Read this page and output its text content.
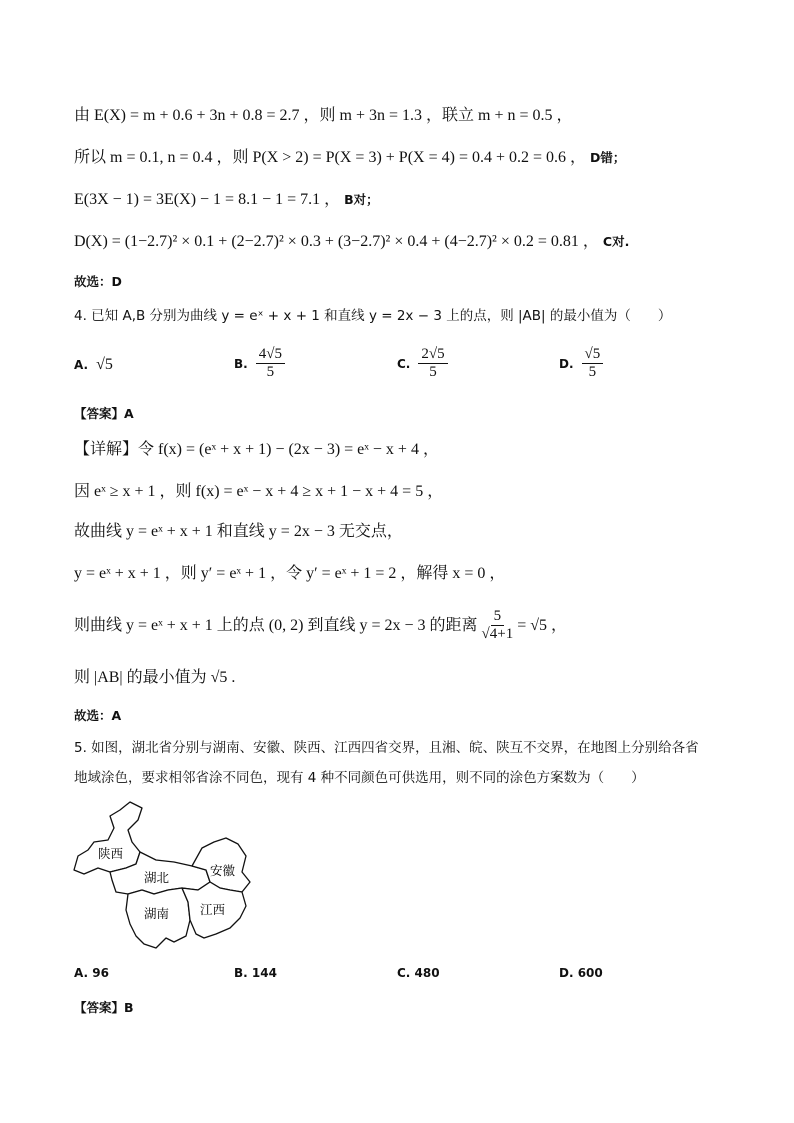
由 E(X) = m + 0.6 + 3n + 0.8 = 2.7 ，则 m + 3n = 1.3 ，联立 m + n = 0.5 ，
所以 m = 0.1, n = 0.4 ，则 P(X > 2) = P(X = 3) + P(X = 4) = 0.4 + 0.2 = 0.6 ， D错；
E(3X − 1) = 3E(X) − 1 = 8.1 − 1 = 7.1 ， B对；
D(X) = (1−2.7)² × 0.1 + (2−2.7)² × 0.3 + (3−2.7)² × 0.4 + (4−2.7)² × 0.2 = 0.81 ， C对.
故选：D
4. 已知 A,B 分别为曲线 y = eˣ + x + 1 和直线 y = 2x − 3 上的点，则 |AB| 的最小值为（　　）
A. √5	B. $\frac{4√5}{5}$	C. $\frac{2√5}{5}$	D. $\frac{√5}{5}$
【答案】A
【详解】令 f(x) = (eˣ + x + 1) − (2x − 3) = eˣ − x + 4 ，
因 eˣ ≥ x + 1 ，则 f(x) = eˣ − x + 4 ≥ x + 1 − x + 4 = 5 ，
故曲线 y = eˣ + x + 1 和直线 y = 2x − 3 无交点，
y = eˣ + x + 1 ，则 y′ = eˣ + 1 ，令 y′ = eˣ + 1 = 2 ，解得 x = 0 ，
则曲线 y = eˣ + x + 1 上的点 (0, 2) 到直线 y = 2x − 3 的距离 $\frac{5}{√4+1} = √5$ ，
则 |AB| 的最小值为 √5 .
故选：A
5. 如图，湖北省分别与湖南、安徽、陕西、江西四省交界，且湘、皖、陕互不交界，在地图上分别给各省
地域涂色，要求相邻省涂不同色，现有 4 种不同颜色可供选用，则不同的涂色方案数为（　　）
陕西
湖北	安徽
湖南 江西
A. 96	B. 144	C. 480	D. 600
【答案】B
